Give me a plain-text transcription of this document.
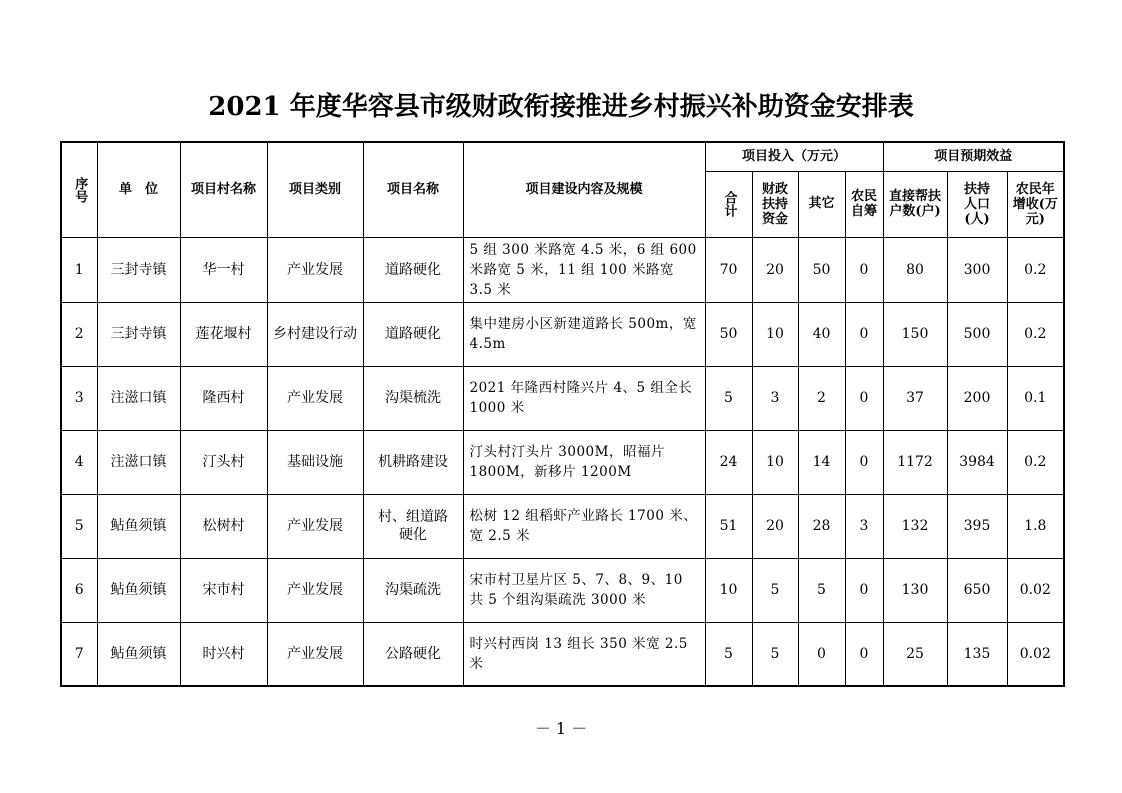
2021 年度华容县市级财政衔接推进乡村振兴补助资金安排表
序号	单　位	项目村名称	项目类别	项目名称	项目建设内容及规模	项目投入（万元）				项目预期效益		

						合计	财政扶持资金	其它	农民自筹	直接帮扶户数(户)	扶持人口(人)	农民年增收(万元)

1	三封寺镇	华一村	产业发展	道路硬化	5 组 300 米路宽 4.5 米，6 组 600 米路宽 5 米，11 组 100 米路宽 3.5 米	70	20	50	0	80	300	0.2
2	三封寺镇	莲花堰村	乡村建设行动	道路硬化	集中建房小区新建道路长 500m，宽 4.5m	50	10	40	0	150	500	0.2
3	注滋口镇	隆西村	产业发展	沟渠梳洗	2021 年隆西村隆兴片 4、5 组全长 1000 米	5	3	2	0	37	200	0.1
4	注滋口镇	汀头村	基础设施	机耕路建设	汀头村汀头片 3000M，昭福片 1800M，新移片 1200M	24	10	14	0	1172	3984	0.2
5	鲇鱼须镇	松树村	产业发展	村、组道路硬化	松树 12 组稻虾产业路长 1700 米、宽 2.5 米	51	20	28	3	132	395	1.8
6	鲇鱼须镇	宋市村	产业发展	沟渠疏洗	宋市村卫星片区 5、7、8、9、10 共 5 个组沟渠疏洗 3000 米	10	5	5	0	130	650	0.02
7	鲇鱼须镇	时兴村	产业发展	公路硬化	时兴村西岗 13 组长 350 米宽 2.5 米	5	5	0	0	25	135	0.02
－ 1 －
